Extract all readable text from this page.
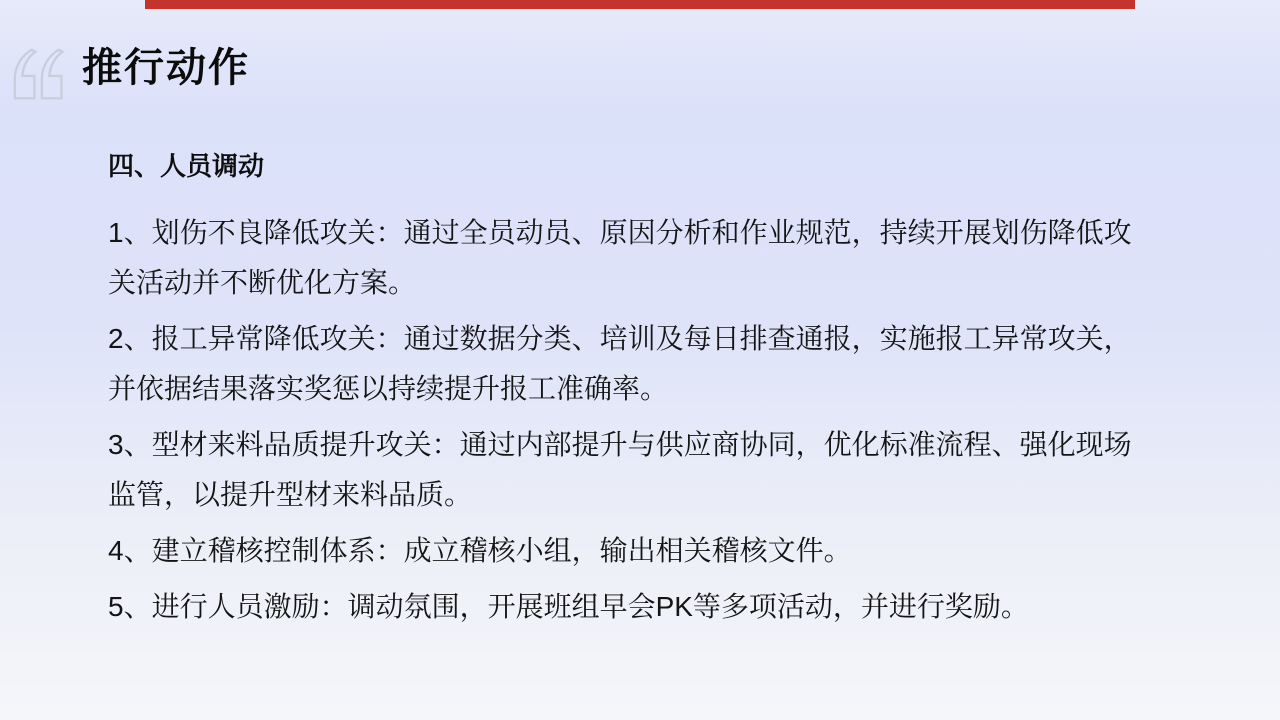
推行动作
四、人员调动
1、划伤不良降低攻关：通过全员动员、原因分析和作业规范，持续开展划伤降低攻
关活动并不断优化方案。
2、报工异常降低攻关：通过数据分类、培训及每日排查通报，实施报工异常攻关，
并依据结果落实奖惩以持续提升报工准确率。
3、型材来料品质提升攻关：通过内部提升与供应商协同，优化标准流程、强化现场
监管，以提升型材来料品质。
4、建立稽核控制体系：成立稽核小组，输出相关稽核文件。
5、进行人员激励：调动氛围，开展班组早会PK等多项活动，并进行奖励。
